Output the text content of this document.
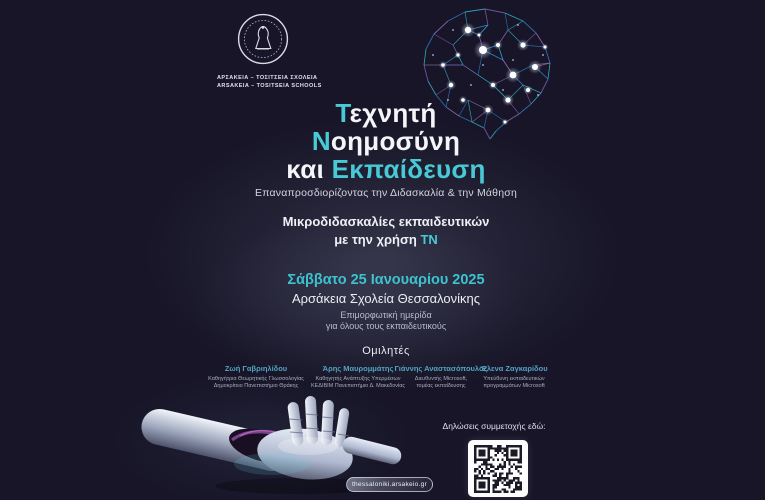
ΑΡΣΑΚΕΙΑ – ΤΟΣΙΤΣΕΙΑ ΣΧΟΛΕΙΑ
ARSAKEIA – TOSITSEIA SCHOOLS
Τεχνητή
Νοημοσύνη
και Εκπαίδευση
Επαναπροσδιορίζοντας την Διδασκαλία & την Μάθηση
Μικροδιδασκαλίες εκπαιδευτικών
με την χρήση ΤΝ
Σάββατο 25 Ιανουαρίου 2025
Αρσάκεια Σχολεία Θεσσαλονίκης
Επιμορφωτική ημερίδα
για όλους τους εκπαιδευτικούς
Ομιλητές
Ζωή Γαβριηλίδου
Καθηγήτρια Θεωρητικής Γλωσσολογίας
Δημοκρίτειο Πανεπιστήμιο Θράκης
Άρης Μαυρομμάτης
Καθηγητής Ανάπτυξης Υπερμέσων
ΚΕΔΙΒΙΜ Πανεπιστήμιο Δ. Μακεδονίας
Γιάννης Αναστασόπουλος
Διευθυντής Microsoft,
τομέας εκπαίδευσης
Έλενα Ζαγκαρίδου
Υπεύθυνη εκπαιδευτικών
προγραμμάτων Microsoft
Δηλώσεις συμμετοχής εδώ:
thessaloniki.arsakeio.gr
